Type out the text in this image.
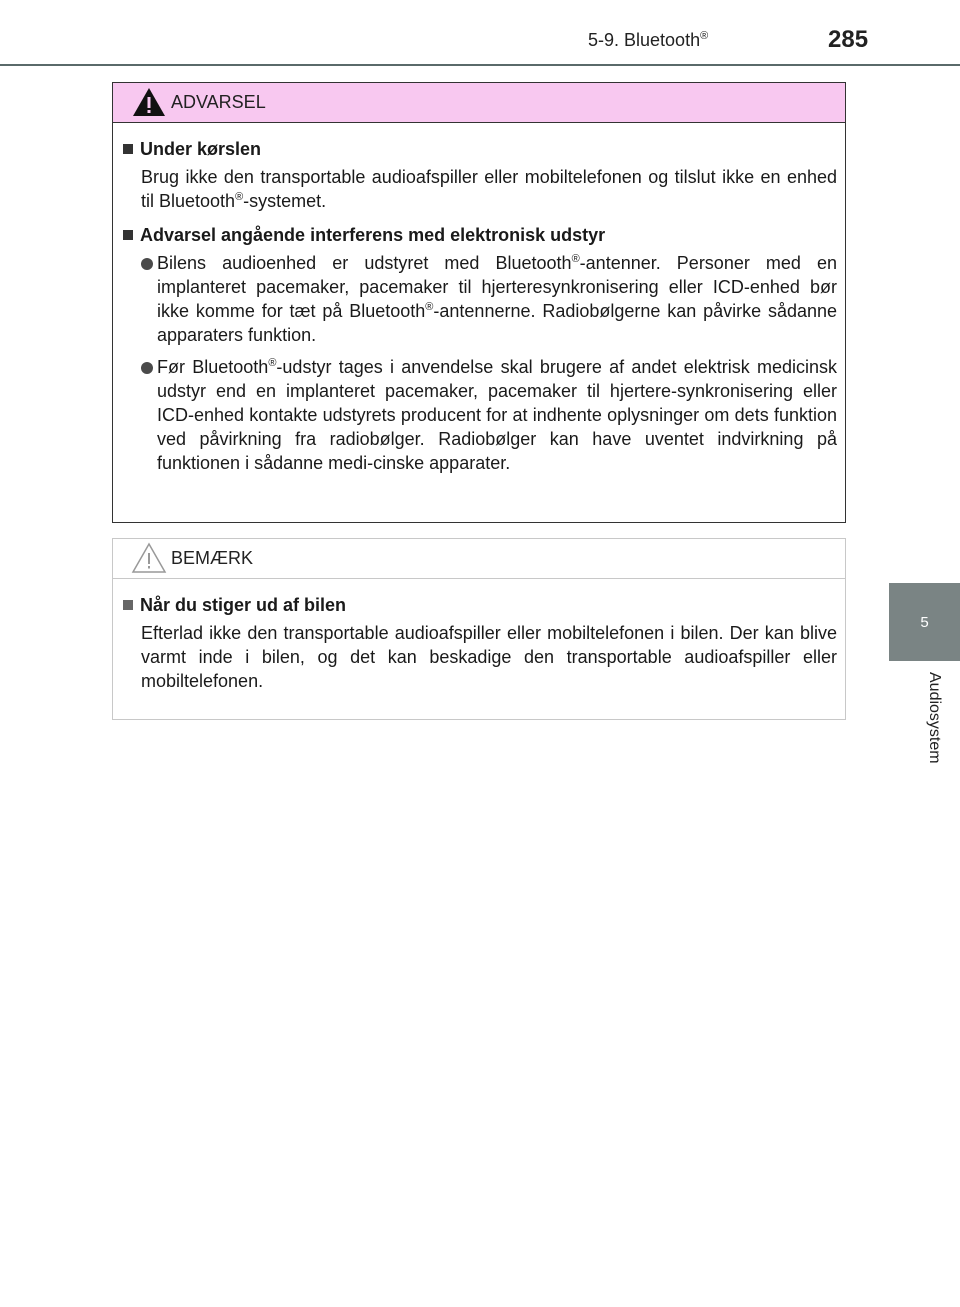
5-9. Bluetooth®	285
5
Audiosystem
ADVARSEL
Under kørslen
Brug ikke den transportable audioafspiller eller mobiltelefonen og tilslut ikke en enhed til Bluetooth®-systemet.
Advarsel angående interferens med elektronisk udstyr
Bilens audioenhed er udstyret med Bluetooth®-antenner. Personer med en implanteret pacemaker, pacemaker til hjerteresynkronisering eller ICD-enhed bør ikke komme for tæt på Bluetooth®-antennerne. Radiobølgerne kan påvirke sådanne apparaters funktion.
Før Bluetooth®-udstyr tages i anvendelse skal brugere af andet elektrisk medicinsk udstyr end en implanteret pacemaker, pacemaker til hjertere-synkronisering eller ICD-enhed kontakte udstyrets producent for at indhente oplysninger om dets funktion ved påvirkning fra radiobølger. Radiobølger kan have uventet indvirkning på funktionen i sådanne medi-cinske apparater.
BEMÆRK
Når du stiger ud af bilen
Efterlad ikke den transportable audioafspiller eller mobiltelefonen i bilen. Der kan blive varmt inde i bilen, og det kan beskadige den transportable audioafspiller eller mobiltelefonen.
